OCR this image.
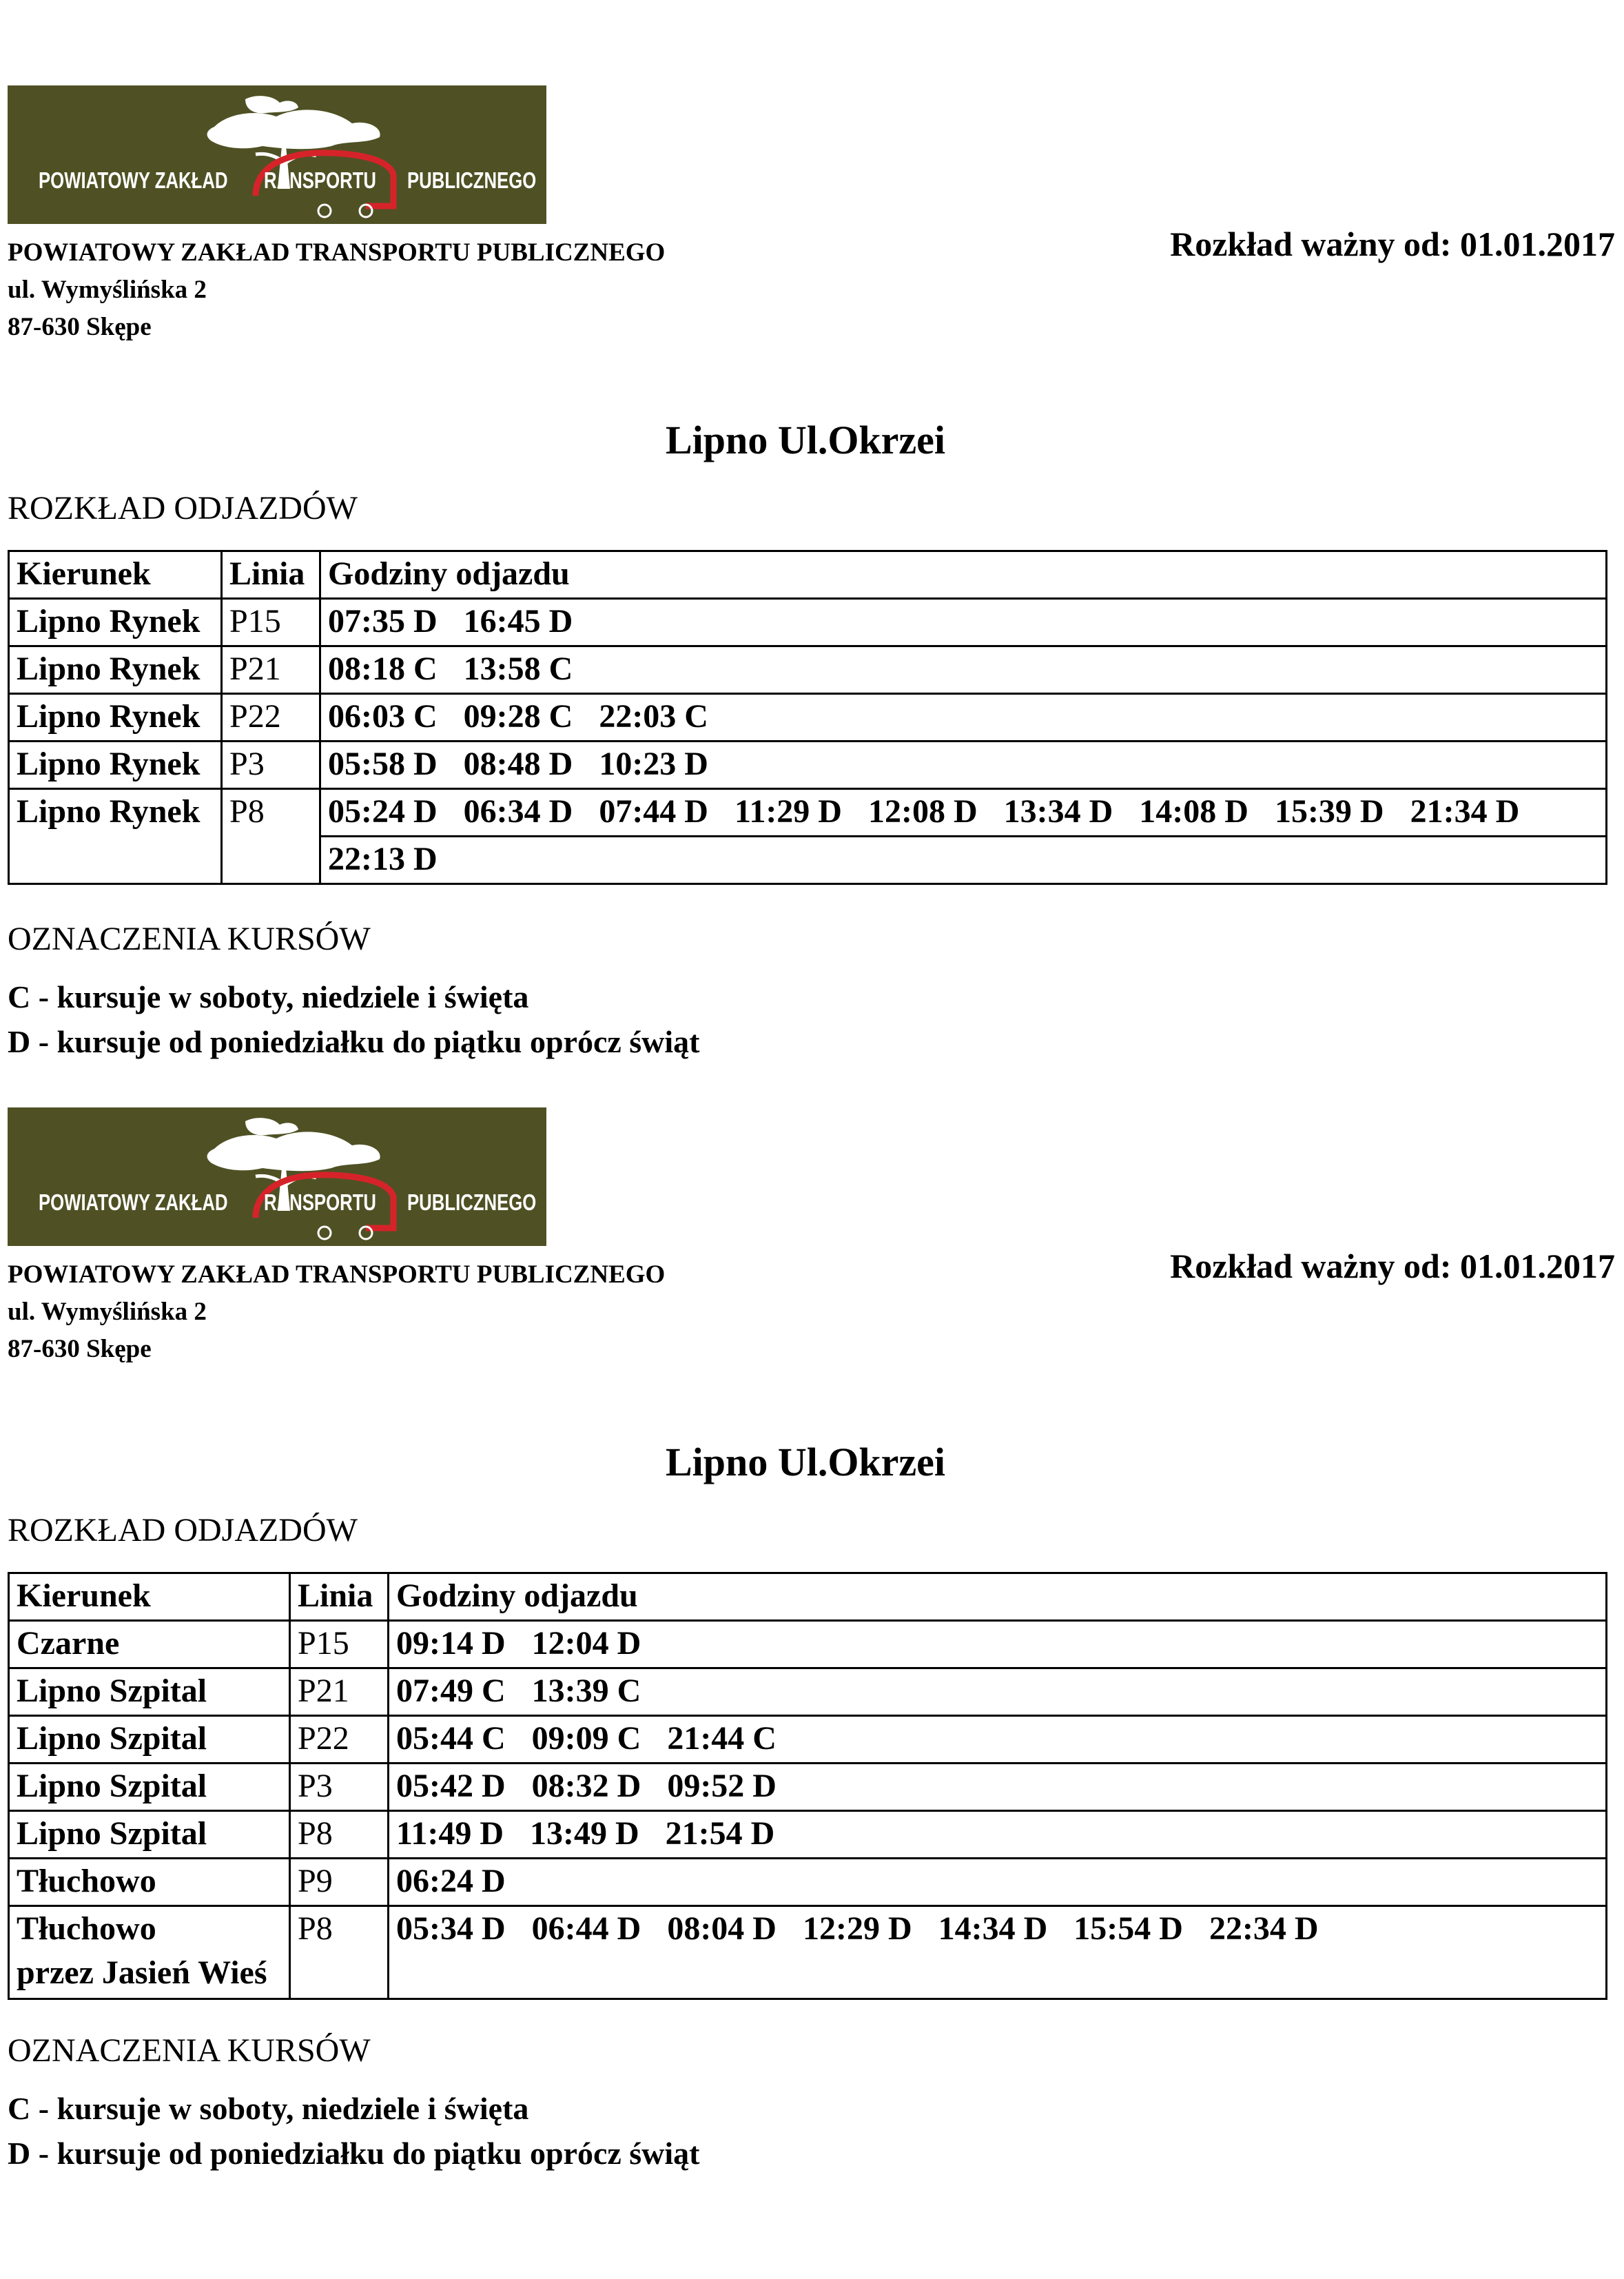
POWIATOWY ZAKŁAD RANSPORTU PUBLICZNEGO
POWIATOWY ZAKŁAD TRANSPORTU PUBLICZNEGO
ul. Wymyślińska 2
87-630 Skępe
Rozkład ważny od: 01.01.2017
Lipno Ul.Okrzei
ROZKŁAD ODJAZDÓW
Kierunek	Linia	Godziny odjazdu
Lipno Rynek	P15	07:35 D 16:45 D
Lipno Rynek	P21	08:18 C 13:58 C
Lipno Rynek	P22	06:03 C 09:28 C 22:03 C
Lipno Rynek	P3	05:58 D 08:48 D 10:23 D
Lipno Rynek	P8	05:24 D 06:34 D 07:44 D 11:29 D 12:08 D 13:34 D 14:08 D 15:39 D 21:34 D
		22:13 D
OZNACZENIA KURSÓW
C - kursuje w soboty, niedziele i święta
D - kursuje od poniedziałku do piątku oprócz świąt
POWIATOWY ZAKŁAD RANSPORTU PUBLICZNEGO
POWIATOWY ZAKŁAD TRANSPORTU PUBLICZNEGO
ul. Wymyślińska 2
87-630 Skępe
Rozkład ważny od: 01.01.2017
Lipno Ul.Okrzei
ROZKŁAD ODJAZDÓW
Kierunek	Linia	Godziny odjazdu
Czarne	P15	09:14 D 12:04 D
Lipno Szpital	P21	07:49 C 13:39 C
Lipno Szpital	P22	05:44 C 09:09 C 21:44 C
Lipno Szpital	P3	05:42 D 08:32 D 09:52 D
Lipno Szpital	P8	11:49 D 13:49 D 21:54 D
Tłuchowo	P9	06:24 D

Tłuchowo
przez Jasień Wieś	P8	05:34 D 06:44 D 08:04 D 12:29 D 14:34 D 15:54 D 22:34 D
OZNACZENIA KURSÓW
C - kursuje w soboty, niedziele i święta
D - kursuje od poniedziałku do piątku oprócz świąt
